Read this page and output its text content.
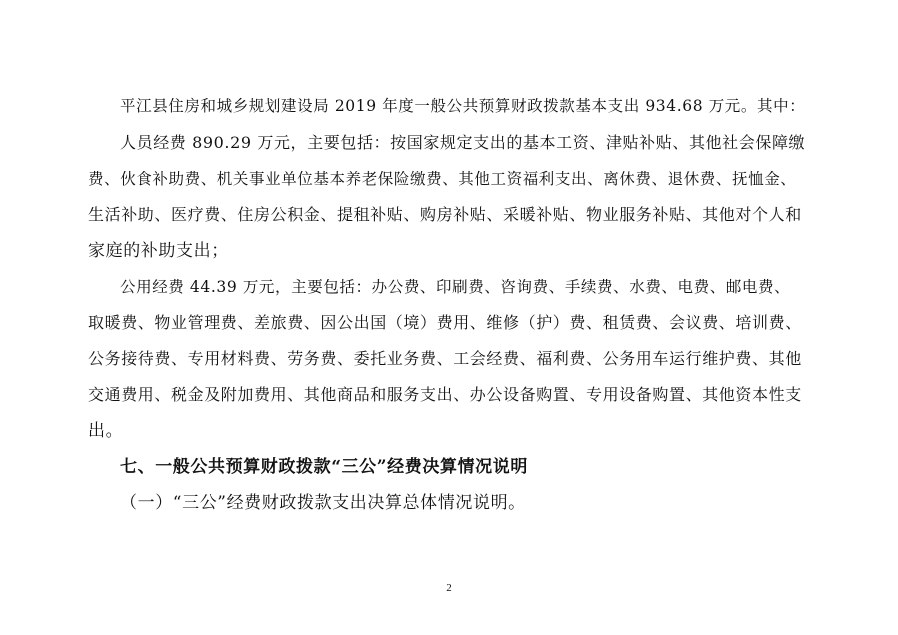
平江县住房和城乡规划建设局 2019 年度一般公共预算财政拨款基本支出 934.68 万元。其中：
人员经费 890.29 万元，主要包括：按国家规定支出的基本工资、津贴补贴、其他社会保障缴
费、伙食补助费、机关事业单位基本养老保险缴费、其他工资福利支出、离休费、退休费、抚恤金、
生活补助、医疗费、住房公积金、提租补贴、购房补贴、采暖补贴、物业服务补贴、其他对个人和
家庭的补助支出；
公用经费 44.39 万元，主要包括：办公费、印刷费、咨询费、手续费、水费、电费、邮电费、
取暖费、物业管理费、差旅费、因公出国（境）费用、维修（护）费、租赁费、会议费、培训费、
公务接待费、专用材料费、劳务费、委托业务费、工会经费、福利费、公务用车运行维护费、其他
交通费用、税金及附加费用、其他商品和服务支出、办公设备购置、专用设备购置、其他资本性支
出。
七、一般公共预算财政拨款“三公”经费决算情况说明
（一）“三公”经费财政拨款支出决算总体情况说明。
2
